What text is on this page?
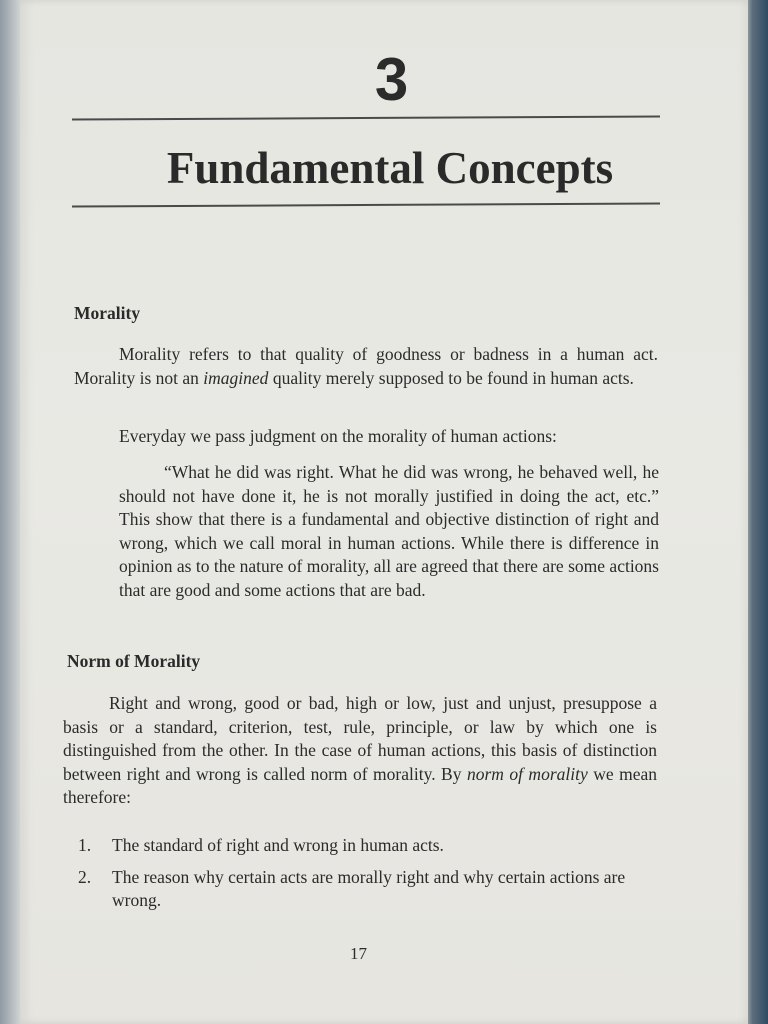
3
Fundamental Concepts
Morality

Morality refers to that quality of goodness or badness in a human act. Morality is not an imagined quality merely supposed to be found in human acts.

Everyday we pass judgment on the morality of human actions:

“What he did was right. What he did was wrong, he behaved well, he should not have done it, he is not morally justified in doing the act, etc.” This show that there is a fundamental and objective distinction of right and wrong, which we call moral in human actions. While there is difference in opinion as to the nature of morality, all are agreed that there are some actions that are good and some actions that are bad.

Norm of Morality

Right and wrong, good or bad, high or low, just and unjust, presuppose a basis or a standard, criterion, test, rule, principle, or law by which one is distinguished from the other. In the case of human actions, this basis of distinction between right and wrong is called norm of morality. By norm of morality we mean therefore:

1. The standard of right and wrong in human acts.
2. The reason why certain acts are morally right and why certain actions are wrong.
17
